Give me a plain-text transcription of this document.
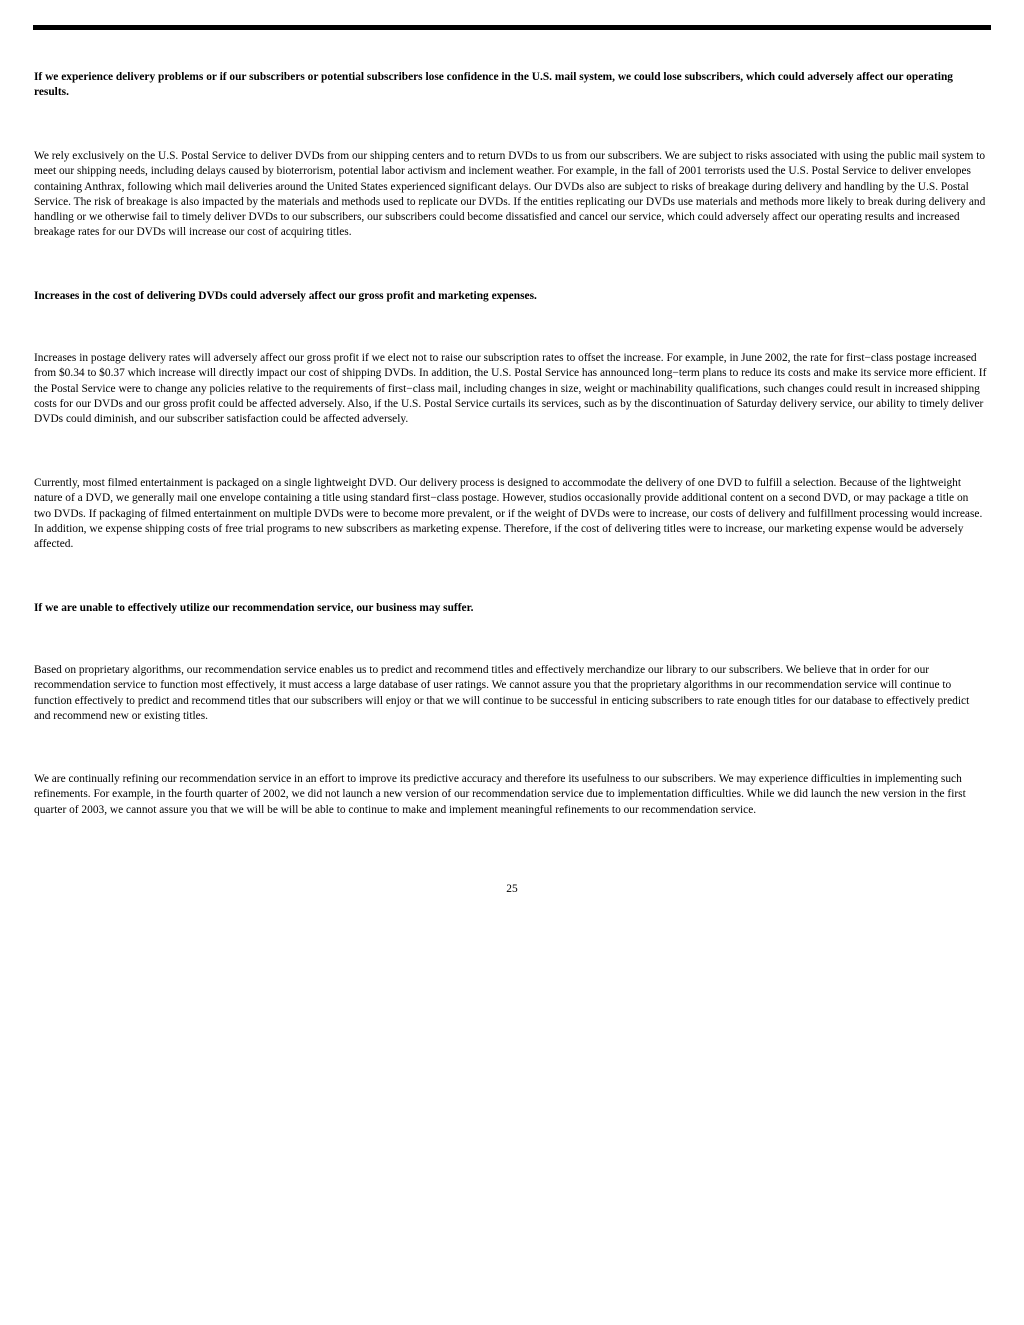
If we experience delivery problems or if our subscribers or potential subscribers lose confidence in the U.S. mail system, we could lose subscribers, which could adversely affect our operating results.

We rely exclusively on the U.S. Postal Service to deliver DVDs from our shipping centers and to return DVDs to us from our subscribers. We are subject to risks associated with using the public mail system to meet our shipping needs, including delays caused by bioterrorism, potential labor activism and inclement weather. For example, in the fall of 2001 terrorists used the U.S. Postal Service to deliver envelopes containing Anthrax, following which mail deliveries around the United States experienced significant delays. Our DVDs also are subject to risks of breakage during delivery and handling by the U.S. Postal Service. The risk of breakage is also impacted by the materials and methods used to replicate our DVDs. If the entities replicating our DVDs use materials and methods more likely to break during delivery and handling or we otherwise fail to timely deliver DVDs to our subscribers, our subscribers could become dissatisfied and cancel our service, which could adversely affect our operating results and increased breakage rates for our DVDs will increase our cost of acquiring titles.

Increases in the cost of delivering DVDs could adversely affect our gross profit and marketing expenses.

Increases in postage delivery rates will adversely affect our gross profit if we elect not to raise our subscription rates to offset the increase. For example, in June 2002, the rate for first−class postage increased from $0.34 to $0.37 which increase will directly impact our cost of shipping DVDs. In addition, the U.S. Postal Service has announced long−term plans to reduce its costs and make its service more efficient. If the Postal Service were to change any policies relative to the requirements of first−class mail, including changes in size, weight or machinability qualifications, such changes could result in increased shipping costs for our DVDs and our gross profit could be affected adversely. Also, if the U.S. Postal Service curtails its services, such as by the discontinuation of Saturday delivery service, our ability to timely deliver DVDs could diminish, and our subscriber satisfaction could be affected adversely.

Currently, most filmed entertainment is packaged on a single lightweight DVD. Our delivery process is designed to accommodate the delivery of one DVD to fulfill a selection. Because of the lightweight nature of a DVD, we generally mail one envelope containing a title using standard first−class postage. However, studios occasionally provide additional content on a second DVD, or may package a title on two DVDs. If packaging of filmed entertainment on multiple DVDs were to become more prevalent, or if the weight of DVDs were to increase, our costs of delivery and fulfillment processing would increase. In addition, we expense shipping costs of free trial programs to new subscribers as marketing expense. Therefore, if the cost of delivering titles were to increase, our marketing expense would be adversely affected.

If we are unable to effectively utilize our recommendation service, our business may suffer.

Based on proprietary algorithms, our recommendation service enables us to predict and recommend titles and effectively merchandize our library to our subscribers. We believe that in order for our recommendation service to function most effectively, it must access a large database of user ratings. We cannot assure you that the proprietary algorithms in our recommendation service will continue to function effectively to predict and recommend titles that our subscribers will enjoy or that we will continue to be successful in enticing subscribers to rate enough titles for our database to effectively predict and recommend new or existing titles.

We are continually refining our recommendation service in an effort to improve its predictive accuracy and therefore its usefulness to our subscribers. We may experience difficulties in implementing such refinements. For example, in the fourth quarter of 2002, we did not launch a new version of our recommendation service due to implementation difficulties. While we did launch the new version in the first quarter of 2003, we cannot assure you that we will be will be able to continue to make and implement meaningful refinements to our recommendation service.

25
